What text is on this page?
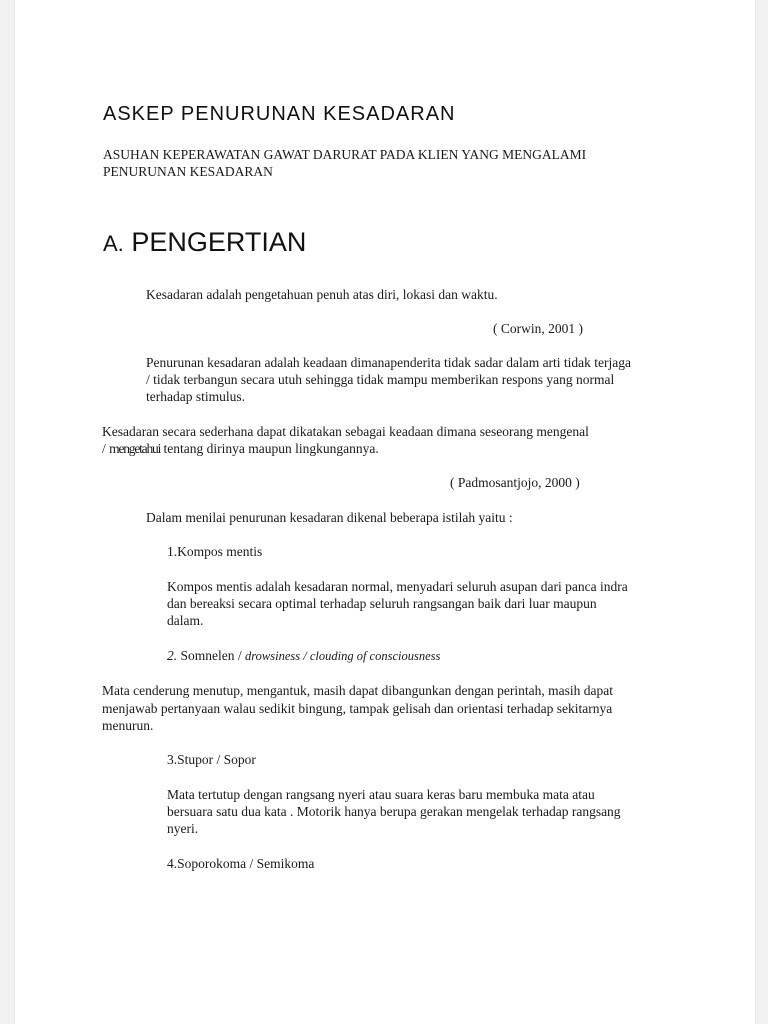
ASKEP PENURUNAN KESADARAN
ASUHAN KEPERAWATAN GAWAT DARURAT PADA KLIEN YANG MENGALAMI
PENURUNAN KESADARAN
A. PENGERTIAN
Kesadaran adalah pengetahuan penuh atas diri, lokasi dan waktu.
( Corwin, 2001 )
Penurunan kesadaran adalah keadaan dimanapenderita tidak sadar dalam arti tidak terjaga
/ tidak terbangun secara utuh sehingga tidak mampu memberikan respons yang normal
terhadap stimulus.
Kesadaran secara sederhana dapat dikatakan sebagai keadaan dimana seseorang mengenal
/ mengetahui tentang dirinya maupun lingkungannya.
( Padmosantjojo, 2000 )
Dalam menilai penurunan kesadaran dikenal beberapa istilah yaitu :
1.Kompos mentis
Kompos mentis adalah kesadaran normal, menyadari seluruh asupan dari panca indra
dan bereaksi secara optimal terhadap seluruh rangsangan baik dari luar maupun
dalam.
2. Somnelen / drowsiness / clouding of consciousness
Mata cenderung menutup, mengantuk, masih dapat dibangunkan dengan perintah, masih dapat
menjawab pertanyaan walau sedikit bingung, tampak gelisah dan orientasi terhadap sekitarnya
menurun.
3.Stupor / Sopor
Mata tertutup dengan rangsang nyeri atau suara keras baru membuka mata atau
bersuara satu dua kata . Motorik hanya berupa gerakan mengelak terhadap rangsang
nyeri.
4.Soporokoma / Semikoma
